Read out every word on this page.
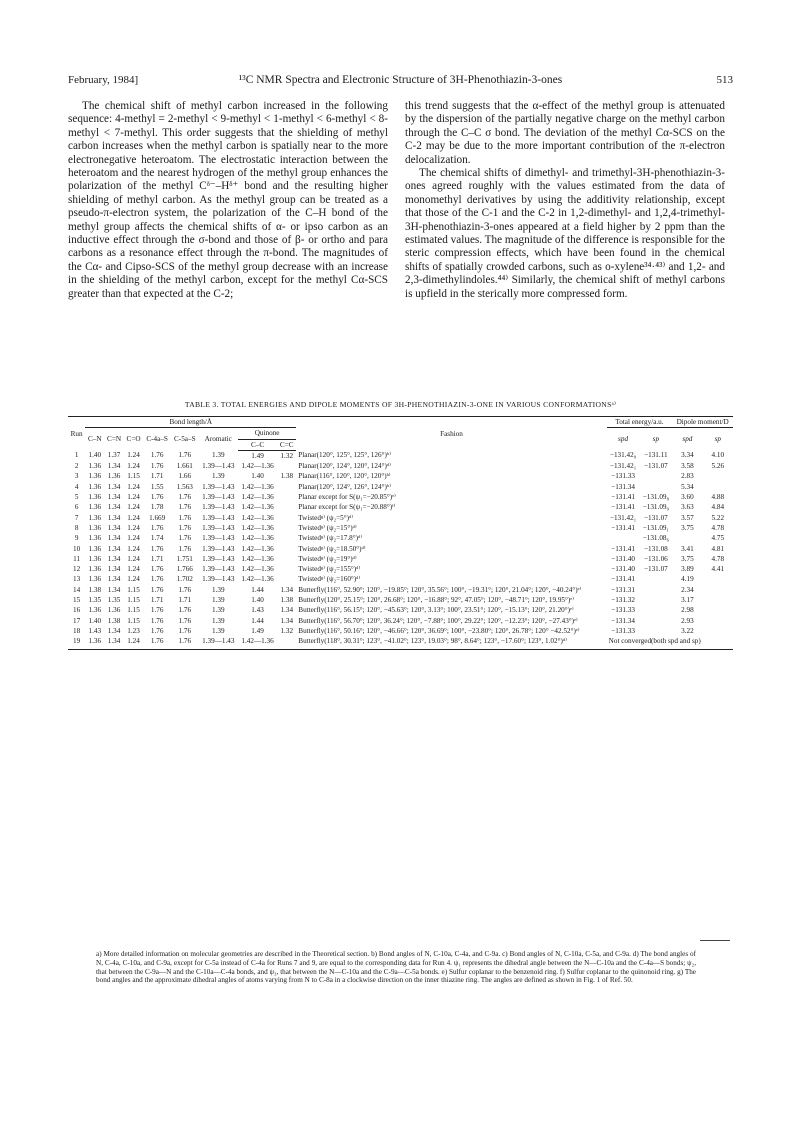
February, 1984]	¹³C NMR Spectra and Electronic Structure of 3H-Phenothiazin-3-ones	513

The chemical shift of methyl carbon increased in the following sequence: 4-methyl = 2-methyl < 9-methyl < 1-methyl < 6-methyl < 8-methyl < 7-methyl. This order suggests that the shielding of methyl carbon increases when the methyl carbon is spatially near to the more electronegative heteroatom. The electrostatic interaction between the heteroatom and the nearest hydrogen of the methyl group enhances the polarization of the methyl Cᵟ⁻–Hᵟ⁺ bond and the resulting higher shielding of methyl carbon. As the methyl group can be treated as a pseudo-π-electron system, the polarization of the C–H bond of the methyl group affects the chemical shifts of α- or ipso carbon as an inductive effect through the σ-bond and those of β- or ortho and para carbons as a resonance effect through the π-bond. The magnitudes of the Cα- and Cipso-SCS of the methyl group decrease with an increase in the shielding of the methyl carbon, except for the methyl Cα-SCS greater than that expected at the C-2;

this trend suggests that the α-effect of the methyl group is attenuated by the dispersion of the partially negative charge on the methyl carbon through the C–C σ bond. The deviation of the methyl Cα-SCS on the C-2 may be due to the more important contribution of the π-electron delocalization.

The chemical shifts of dimethyl- and trimethyl-3H-phenothiazin-3-ones agreed roughly with the values estimated from the data of monomethyl derivatives by using the additivity relationship, except that those of the C-1 and the C-2 in 1,2-dimethyl- and 1,2,4-trimethyl-3H-phenothiazin-3-ones appeared at a field higher by 2 ppm than the estimated values. The magnitude of the difference is responsible for the steric compression effects, which have been found in the chemical shifts of spatially crowded carbons, such as o-xylene³⁴·⁴³⁾ and 1,2- and 2,3-dimethylindoles.⁴⁴⁾ Similarly, the chemical shift of methyl carbons is upfield in the sterically more compressed form.

TABLE 3. TOTAL ENERGIES AND DIPOLE MOMENTS OF 3H-PHENOTHIAZIN-3-ONE IN VARIOUS CONFORMATIONSᵃ⁾
Run	Bond length/Å								Fashion	Total energy/a.u.		Dipole moment/D	
	C–N	C=N	C=O	C-4a–S	C-5a–S	Aromatic	Quinone			spd	sp	spd	sp
							C–C	C=C					
1	1.40	1.37	1.24	1.76	1.76	1.39	1.49	1.32	Planar(120°, 125°, 125°, 126°)ᵇ⁾	−131.42₉	−131.11	3.34	4.10
2	1.36	1.34	1.24	1.76	1.661	1.39—1.43	1.42—1.36		Planar(120°, 124°, 120°, 124°)ᵈ⁾	−131.42₁	−131.07	3.58	5.26
3	1.36	1.36	1.15	1.71	1.66	1.39	1.40	1.38	Planar(116°, 120°, 120°, 120°)ᵇ⁾	−131.33		2.83	
4	1.36	1.34	1.24	1.55	1.563	1.39—1.43	1.42—1.36		Planar(120°, 124°, 126°, 124°)ᵇ⁾	−131.34		5.34	
5	1.36	1.34	1.24	1.76	1.76	1.39—1.43	1.42—1.36		Planar except for S(ψ₁=−20.85°)ᵉ⁾	−131.41	−131.09₈	3.60	4.88
6	1.36	1.34	1.24	1.78	1.76	1.39—1.43	1.42—1.36		Planar except for S(ψ₁=−20.88°)ᶠ⁾	−131.41	−131.09₉	3.63	4.84
7	1.36	1.34	1.24	1.669	1.76	1.39—1.43	1.42—1.36		Twistedᵍ⁾ (ψ₂=5°)ᵈ⁾	−131.42₁	−131.07	3.57	5.22
8	1.36	1.34	1.24	1.76	1.76	1.39—1.43	1.42—1.36		Twistedᵍ⁾ (ψ₂=15°)ᵈ⁾	−131.41	−131.09₁	3.75	4.78
9	1.36	1.34	1.24	1.74	1.76	1.39—1.43	1.42—1.36		Twistedᵍ⁾ (ψ₂=17.8°)ᵈ⁾		−131.08₆		4.75
10	1.36	1.34	1.24	1.76	1.76	1.39—1.43	1.42—1.36		Twistedᵍ⁾ (ψ₂=18.50°)ᵈ⁾	−131.41	−131.08	3.41	4.81
11	1.36	1.34	1.24	1.71	1.751	1.39—1.43	1.42—1.36		Twistedᵍ⁾ (ψ₂=19°)ᵈ⁾	−131.40	−131.06	3.75	4.78
12	1.36	1.34	1.24	1.76	1.766	1.39—1.43	1.42—1.36		Twistedᵍ⁾ (ψ₂=155°)ᵈ⁾	−131.40	−131.07	3.89	4.41
13	1.36	1.34	1.24	1.76	1.702	1.39—1.43	1.42—1.36		Twistedᵍ⁾ (ψ₂=160°)ᵈ⁾	−131.41		4.19	
14	1.38	1.34	1.15	1.76	1.76	1.39	1.44	1.34	Butterfly(116°, 52.90°; 120°, −19.85°; 120°, 35.56°; 100°, −19.31°; 120°, 21.04°; 120°, −40.24°)ᵉ⁾	−131.31		2.34	
15	1.35	1.35	1.15	1.71	1.71	1.39	1.40	1.38	Butterfly(120°, 25.15°; 120°, 26.68°; 120°, −16.88°; 92°, 47.05°; 120°, −48.71°; 120°, 19.95°)ᵉ⁾	−131.32		3.17	
16	1.36	1.36	1.15	1.76	1.76	1.39	1.43	1.34	Butterfly(116°, 56.15°; 120°, −45.63°; 120°, 3.13°; 100°, 23.51°; 120°, −15.13°; 120°, 21.20°)ᵉ⁾	−131.33		2.98	
17	1.40	1.38	1.15	1.76	1.76	1.39	1.44	1.34	Butterfly(116°, 56.70°; 120°, 36.24°; 120°, −7.88°; 100°, 29.22°; 120°, −12.23°; 120°, −27.43°)ᵉ⁾	−131.34		2.93	
18	1.43	1.34	1.23	1.76	1.76	1.39	1.49	1.32	Butterfly(116°, 50.16°; 120°, −46.66°; 120°, 36.69°; 100°, −23.80°; 120°, 26.78°; 120° −42.52°)ᵉ⁾	−131.33		3.22	
19	1.36	1.34	1.24	1.76	1.76	1.39—1.43	1.42—1.36		Butterfly(118°, 30.31°; 123°, −41.02°; 123°, 19.03°; 98°, 8.64°; 123°, −17.60°; 123°, 1.02°)ᵈ⁾	Not converged(both spd and sp)			

a) More detailed information on molecular geometries are described in the Theoretical section. b) Bond angles of N, C-10a, C-4a, and C-9a. c) Bond angles of N, C-10a, C-5a, and C-9a. d) The bond angles of N, C-4a, C-10a, and C-9a, except for C-5a instead of C-4a for Runs 7 and 9, are equal to the corresponding data for Run 4. ψ₁ represents the dihedral angle between the N—C-10a and the C-4a—S bonds; ψ₂, that between the C-9a—N and the C-10a—C-4a bonds, and ψ₃, that between the N—C-10a and the C-9a—C-5a bonds. e) Sulfur coplanar to the benzenoid ring. f) Sulfur coplanar to the quinonoid ring. g) The bond angles and the approximate dihedral angles of atoms varying from N to C-8a in a clockwise direction on the inner thiazine ring. The angles are defined as shown in Fig. 1 of Ref. 50.
